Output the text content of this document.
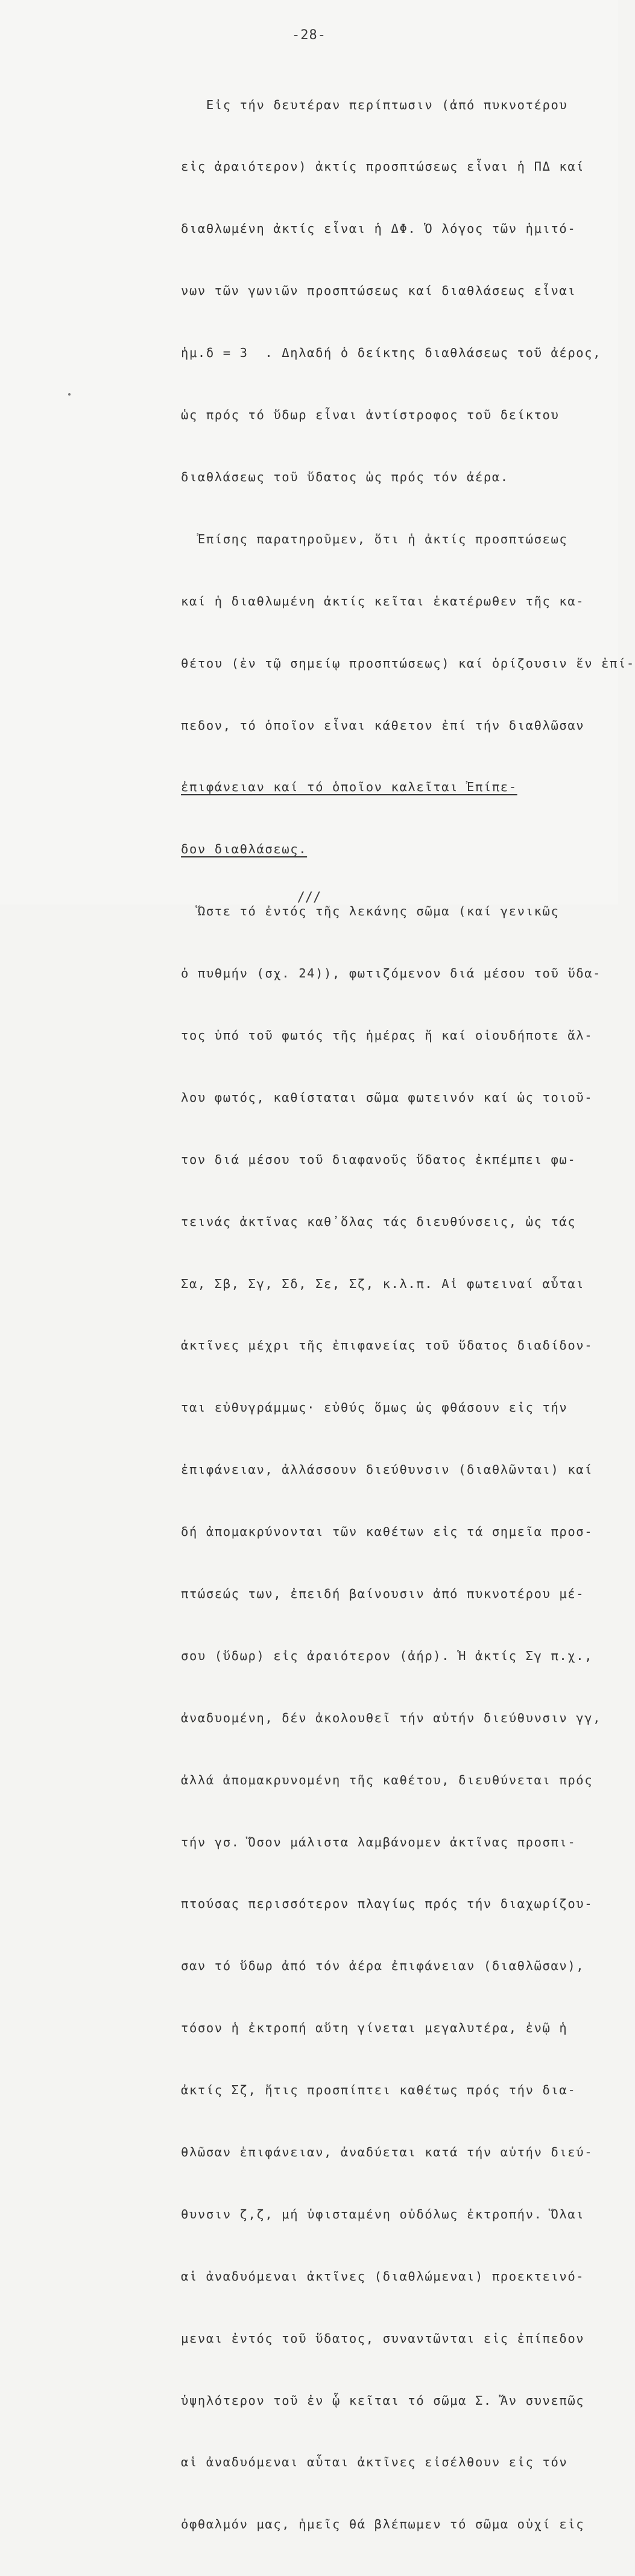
-28-

Εἰς τήν δευτέραν περίπτωσιν (ἀπό πυκνοτέρου

εἰς ἀραιότερον) ἀκτίς προσπτώσεως εἶναι ἡ ΠΔ καί

διαθλωμένη ἀκτίς εἶναι ἡ ΔΦ. Ὁ λόγος τῶν ἡμιτό-

νων τῶν γωνιῶν προσπτώσεως καί διαθλάσεως εἶναι

ἡμ.δ = 3  . Δηλαδή ὁ δείκτης διαθλάσεως τοῦ ἀέρος,

ὡς πρός τό ὕδωρ εἶναι ἀντίστροφος τοῦ δείκτου

διαθλάσεως τοῦ ὕδατος ὡς πρός τόν ἀέρα.

Ἐπίσης παρατηροῦμεν, ὅτι ἡ ἀκτίς προσπτώσεως

καί ἡ διαθλωμένη ἀκτίς κεῖται ἑκατέρωθεν τῆς κα-

θέτου (ἐν τῷ σημείῳ προσπτώσεως) καί ὁρίζουσιν ἕν ἐπί-

πεδον, τό ὁποῖον εἶναι κάθετον ἐπί τήν διαθλῶσαν

ἐπιφάνειαν καί τό ὁποῖον καλεῖται Ἐπίπε-

δον διαθλάσεως.

Ὥστε τό ἐντός τῆς λεκάνης σῶμα (καί γενικῶς

ὁ πυθμήν (σχ. 24)), φωτιζόμενον διά μέσου τοῦ ὕδα-

τος ὑπό τοῦ φωτός τῆς ἡμέρας ἤ καί οἱουδήποτε ἄλ-

λου φωτός, καθίσταται σῶμα φωτεινόν καί ὡς τοιοῦ-

τον διά μέσου τοῦ διαφανοῦς ὕδατος ἐκπέμπει φω-

τεινάς ἀκτῖνας καθ᾽ὅλας τάς διευθύνσεις, ὡς τάς

Σα, Σβ, Σγ, Σδ, Σε, Σζ, κ.λ.π. Αἱ φωτειναί αὗται

ἀκτῖνες μέχρι τῆς ἐπιφανείας τοῦ ὕδατος διαδίδον-

ται εὐθυγράμμως· εὐθύς ὅμως ὡς φθάσουν εἰς τήν

ἐπιφάνειαν, ἀλλάσσουν διεύθυνσιν (διαθλῶνται) καί

δή ἀπομακρύνονται τῶν καθέτων εἰς τά σημεῖα προσ-

πτώσεώς των, ἐπειδή βαίνουσιν ἀπό πυκνοτέρου μέ-

σου (ὕδωρ) εἰς ἀραιότερον (ἀήρ). Ἡ ἀκτίς Σγ π.χ.,

ἀναδυομένη, δέν ἀκολουθεῖ τήν αὐτήν διεύθυνσιν γγ,

ἀλλά ἀπομακρυνομένη τῆς καθέτου, διευθύνεται πρός

τήν γσ. Ὅσον μάλιστα λαμβάνομεν ἀκτῖνας προσπι-

πτούσας περισσότερον πλαγίως πρός τήν διαχωρίζου-

σαν τό ὕδωρ ἀπό τόν ἀέρα ἐπιφάνειαν (διαθλῶσαν),

τόσον ἡ ἐκτροπή αὕτη γίνεται μεγαλυτέρα, ἐνῷ ἡ

ἀκτίς Σζ, ἥτις προσπίπτει καθέτως πρός τήν δια-

θλῶσαν ἐπιφάνειαν, ἀναδύεται κατά τήν αὐτήν διεύ-

θυνσιν ζ,ζ, μή ὑφισταμένη οὐδόλως ἐκτροπήν. Ὅλαι

αἱ ἀναδυόμεναι ἀκτῖνες (διαθλώμεναι) προεκτεινό-

μεναι ἐντός τοῦ ὕδατος, συναντῶνται εἰς ἐπίπεδον

ὑψηλότερον τοῦ ἐν ᾧ κεῖται τό σῶμα Σ. Ἄν συνεπῶς

αἱ ἀναδυόμεναι αὗται ἀκτῖνες εἰσέλθουν εἰς τόν

ὀφθαλμόν μας, ἡμεῖς θά βλέπωμεν τό σῶμα οὐχί εἰς

///
